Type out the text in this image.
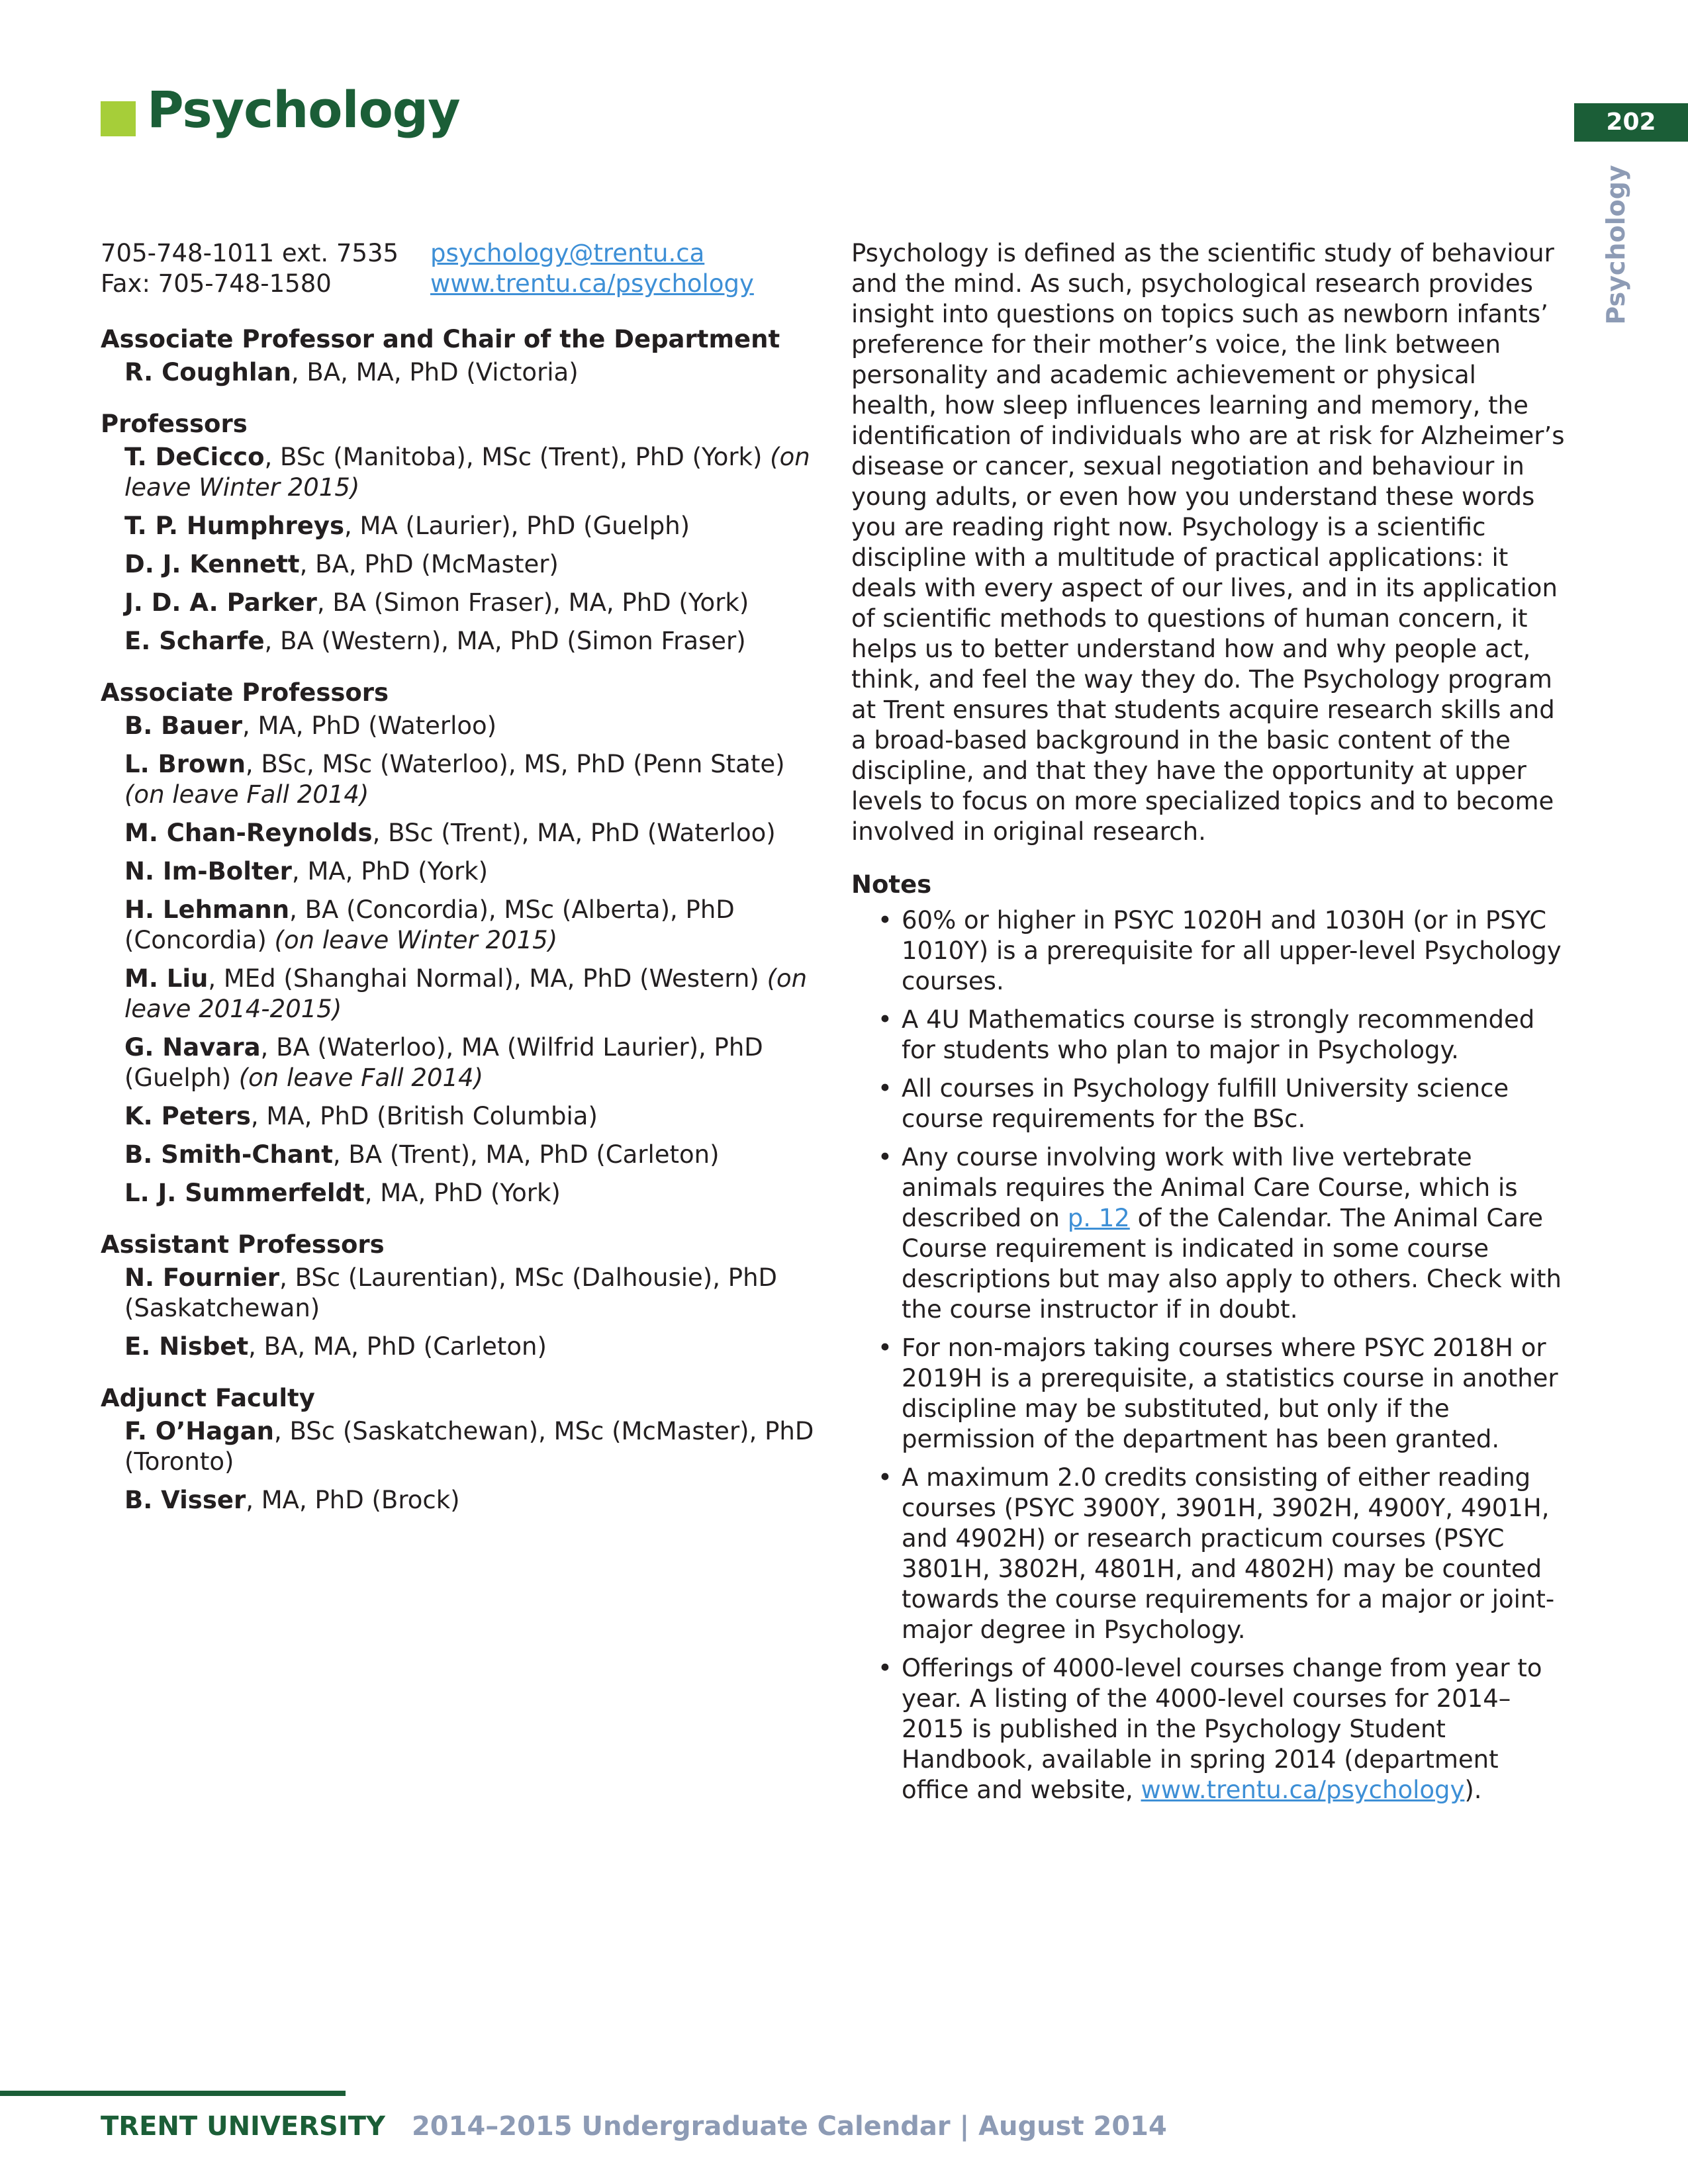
Psychology	202
Psychology
705-748-1011 ext. 7535	psychology@trentu.ca
Fax: 705-748-1580	www.trentu.ca/psychology
Associate Professor and Chair of the Department

R. Coughlan, BA, MA, PhD (Victoria)

Professors

T. DeCicco, BSc (Manitoba), MSc (Trent), PhD (York) (on leave Winter 2015)

T. P. Humphreys, MA (Laurier), PhD (Guelph)

D. J. Kennett, BA, PhD (McMaster)

J. D. A. Parker, BA (Simon Fraser), MA, PhD (York)

E. Scharfe, BA (Western), MA, PhD (Simon Fraser)

Associate Professors

B. Bauer, MA, PhD (Waterloo)

L. Brown, BSc, MSc (Waterloo), MS, PhD (Penn State) (on leave Fall 2014)

M. Chan-Reynolds, BSc (Trent), MA, PhD (Waterloo)

N. Im-Bolter, MA, PhD (York)

H. Lehmann, BA (Concordia), MSc (Alberta), PhD (Concordia) (on leave Winter 2015)

M. Liu, MEd (Shanghai Normal), MA, PhD (Western) (on leave 2014-2015)

G. Navara, BA (Waterloo), MA (Wilfrid Laurier), PhD (Guelph) (on leave Fall 2014)

K. Peters, MA, PhD (British Columbia)

B. Smith-Chant, BA (Trent), MA, PhD (Carleton)

L. J. Summerfeldt, MA, PhD (York)

Assistant Professors

N. Fournier, BSc (Laurentian), MSc (Dalhousie), PhD (Saskatchewan)

E. Nisbet, BA, MA, PhD (Carleton)

Adjunct Faculty

F. O’Hagan, BSc (Saskatchewan), MSc (McMaster), PhD (Toronto)

B. Visser, MA, PhD (Brock)

Psychology is defined as the scientific study of behaviour and the mind. As such, psychological research provides insight into questions on topics such as newborn infants’ preference for their mother’s voice, the link between personality and academic achievement or physical health, how sleep influences learning and memory, the identification of individuals who are at risk for Alzheimer’s disease or cancer, sexual negotiation and behaviour in young adults, or even how you understand these words you are reading right now. Psychology is a scientific discipline with a multitude of practical applications: it deals with every aspect of our lives, and in its application of scientific methods to questions of human concern, it helps us to better understand how and why people act, think, and feel the way they do. The Psychology program at Trent ensures that students acquire research skills and a broad-based background in the basic content of the discipline, and that they have the opportunity at upper levels to focus on more specialized topics and to become involved in original research.

Notes
• 60% or higher in PSYC 1020H and 1030H (or in PSYC 1010Y) is a prerequisite for all upper-level Psychology courses.
• A 4U Mathematics course is strongly recommended for students who plan to major in Psychology.
• All courses in Psychology fulfill University science course requirements for the BSc.
• Any course involving work with live vertebrate animals requires the Animal Care Course, which is described on p. 12 of the Calendar. The Animal Care Course requirement is indicated in some course descriptions but may also apply to others. Check with the course instructor if in doubt.
• For non-majors taking courses where PSYC 2018H or 2019H is a prerequisite, a statistics course in another discipline may be substituted, but only if the permission of the department has been granted.
• A maximum 2.0 credits consisting of either reading courses (PSYC 3900Y, 3901H, 3902H, 4900Y, 4901H, and 4902H) or research practicum courses (PSYC 3801H, 3802H, 4801H, and 4802H) may be counted towards the course requirements for a major or joint-major degree in Psychology.
• Offerings of 4000-level courses change from year to year. A listing of the 4000-level courses for 2014–2015 is published in the Psychology Student Handbook, available in spring 2014 (department office and website, www.trentu.ca/psychology).
TRENT UNIVERSITY 2014–2015 Undergraduate Calendar | August 2014
